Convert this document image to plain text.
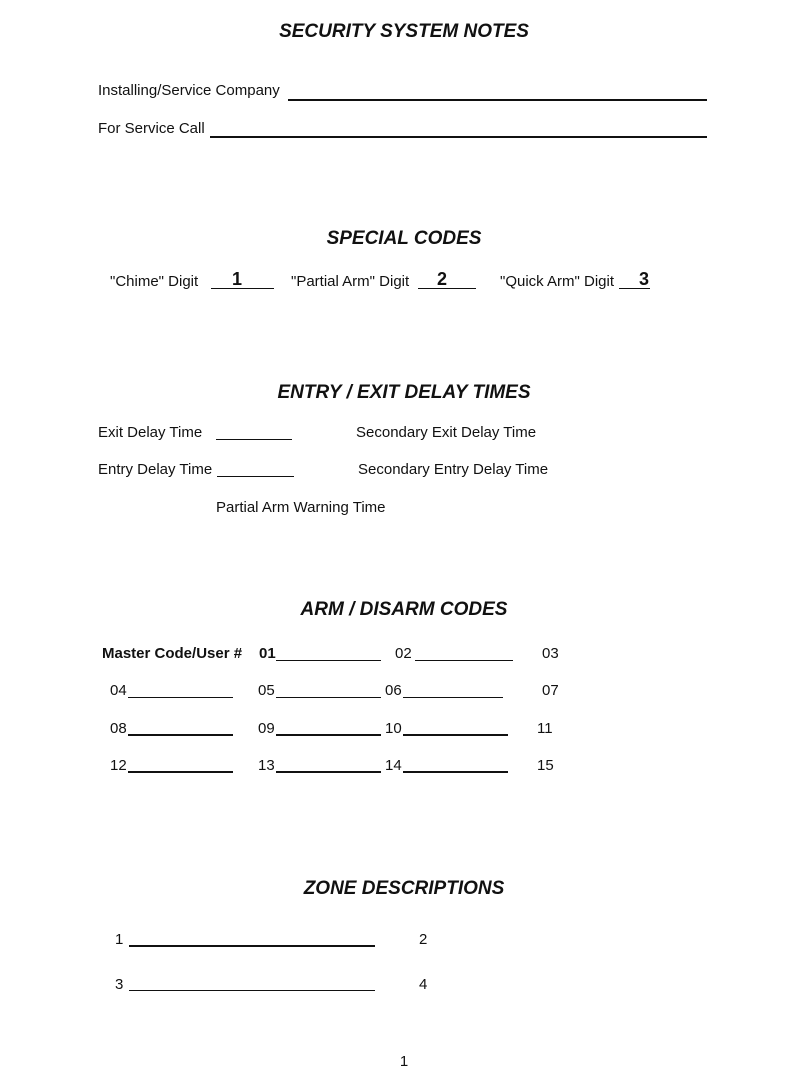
SECURITY SYSTEM NOTES
Installing/Service Company
For Service Call
SPECIAL CODES
"Chime" Digit 1	"Partial Arm" Digit 2	"Quick Arm" Digit 3
ENTRY / EXIT DELAY TIMES
Exit Delay Time	Secondary Exit Delay Time
Entry Delay Time	Secondary Entry Delay Time
Partial Arm Warning Time
ARM / DISARM CODES
Master Code/User # 01	02	03
04	05	06	07
08	09	10	11
12	13	14	15
ZONE DESCRIPTIONS
1	2
3	4
1
